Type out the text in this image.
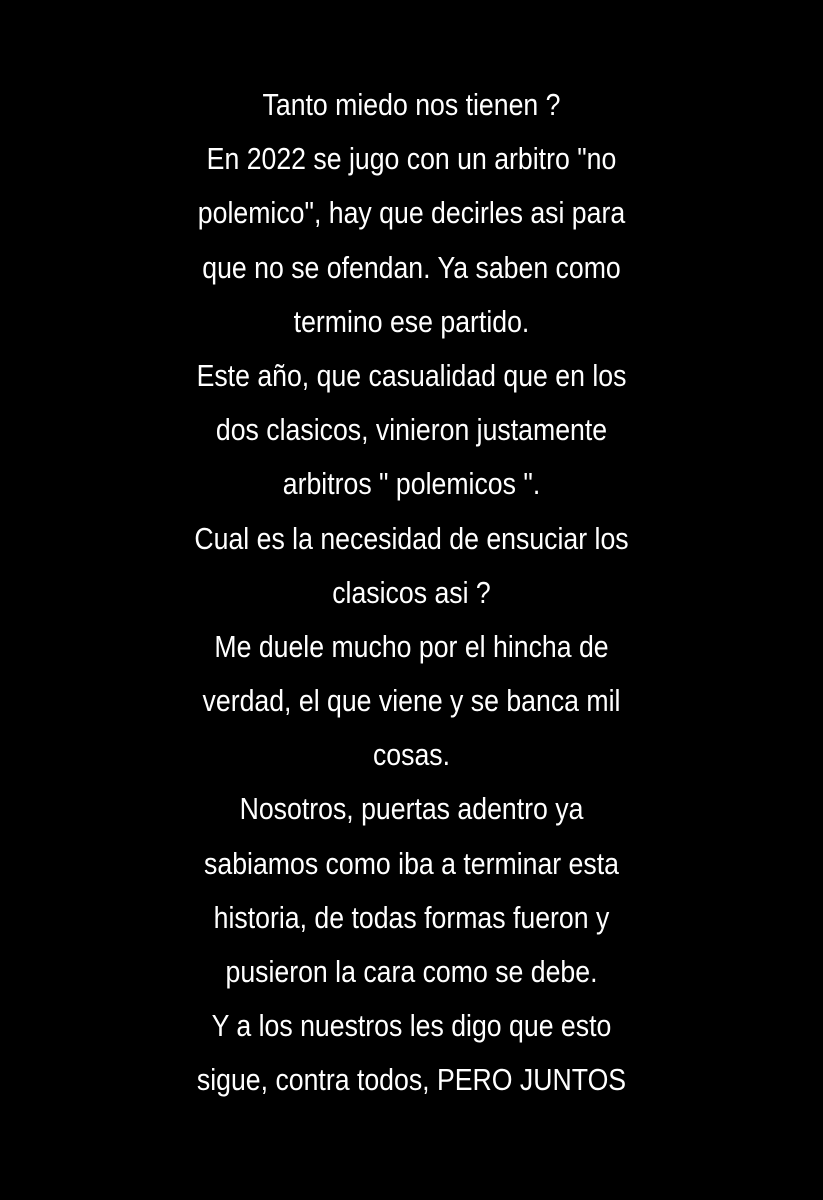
Tanto miedo nos tienen ?
En 2022 se jugo con un arbitro "no
polemico", hay que decirles asi para
que no se ofendan. Ya saben como
termino ese partido.
Este año, que casualidad que en los
dos clasicos, vinieron justamente
arbitros " polemicos ".
Cual es la necesidad de ensuciar los
clasicos asi ?
Me duele mucho por el hincha de
verdad, el que viene y se banca mil
cosas.
Nosotros, puertas adentro ya
sabiamos como iba a terminar esta
historia, de todas formas fueron y
pusieron la cara como se debe.
Y a los nuestros les digo que esto
sigue, contra todos, PERO JUNTOS
